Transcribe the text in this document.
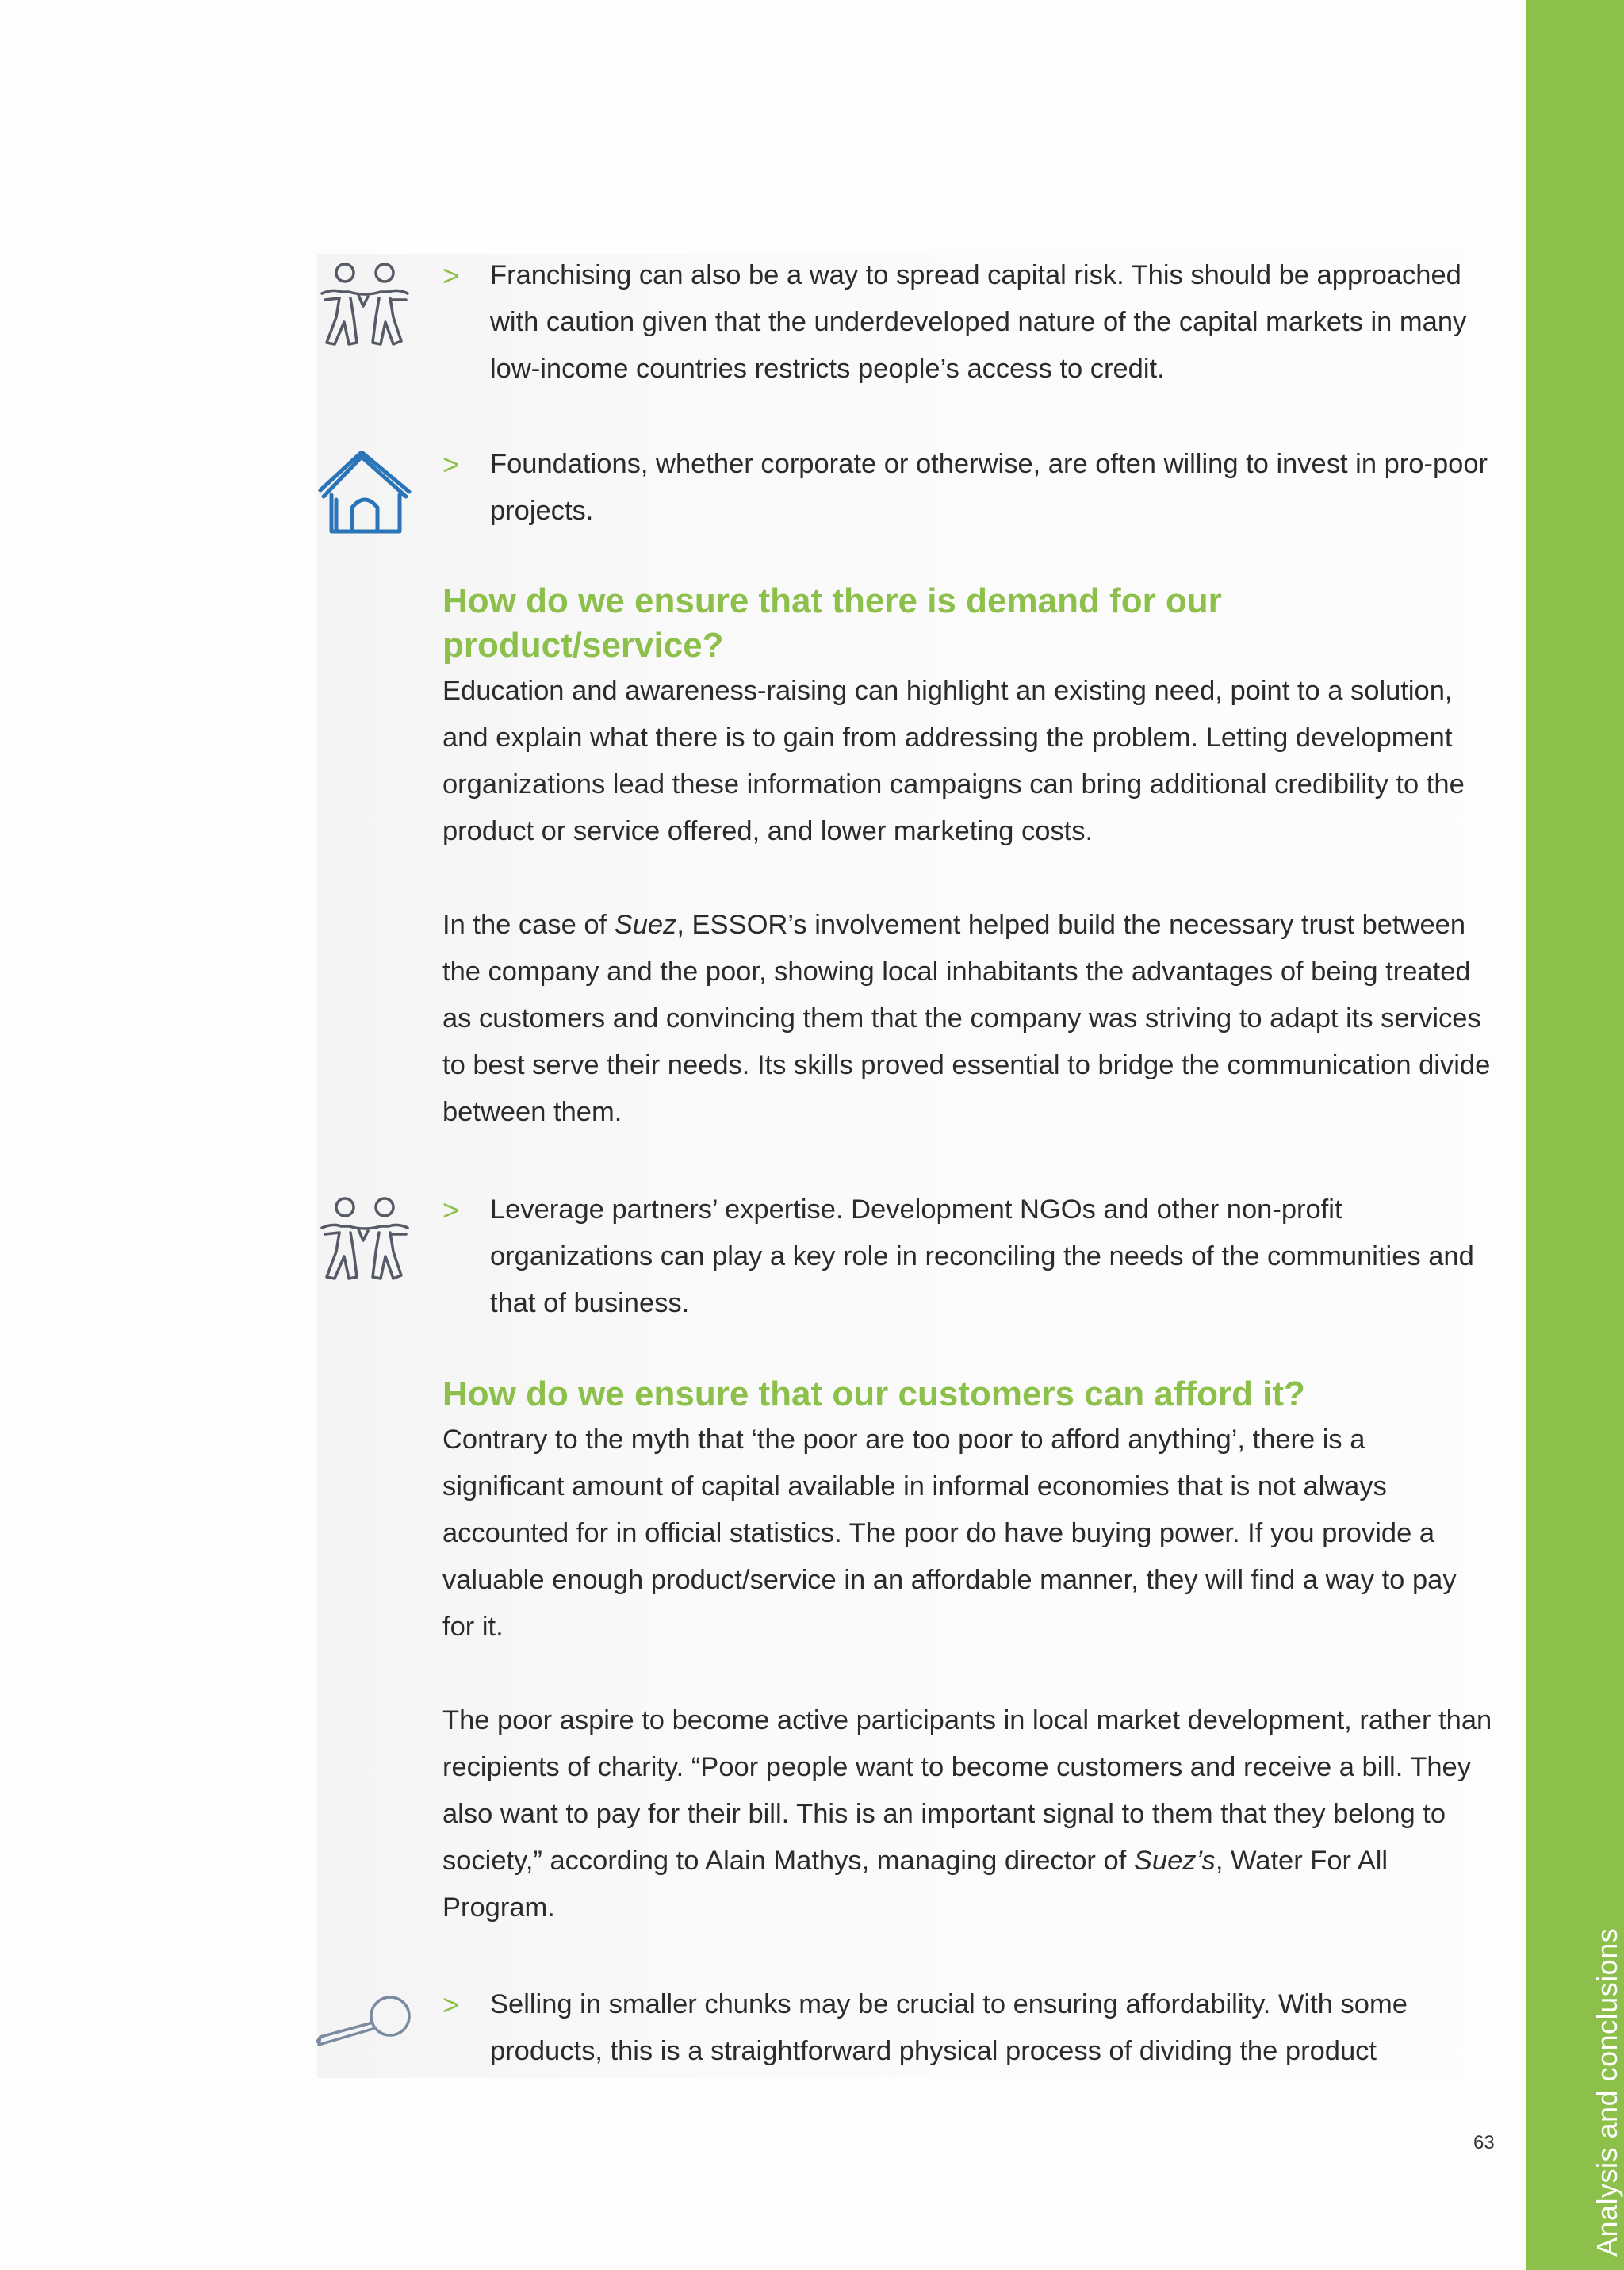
Analysis and conclusions
63
> Franchising can also be a way to spread capital risk. This should be approached with caution given that the underdeveloped nature of the capital markets in many low-income countries restricts people’s access to credit.
> Foundations, whether corporate or otherwise, are often willing to invest in pro-poor projects.
How do we ensure that there is demand for our product/service?

Education and awareness-raising can highlight an existing need, point to a solution, and explain what there is to gain from addressing the problem. Letting development organizations lead these information campaigns can bring additional credibility to the product or service offered, and lower marketing costs.

In the case of Suez, ESSOR’s involvement helped build the necessary trust between the company and the poor, showing local inhabitants the advantages of being treated as customers and convincing them that the company was striving to adapt its services to best serve their needs. Its skills proved essential to bridge the communication divide between them.

> Leverage partners’ expertise. Development NGOs and other non-profit organizations can play a key role in reconciling the needs of the communities and that of business.
How do we ensure that our customers can afford it?

Contrary to the myth that ‘the poor are too poor to afford anything’, there is a significant amount of capital available in informal economies that is not always accounted for in official statistics. The poor do have buying power. If you provide a valuable enough product/service in an affordable manner, they will find a way to pay for it.

The poor aspire to become active participants in local market development, rather than recipients of charity. “Poor people want to become customers and receive a bill. They also want to pay for their bill. This is an important signal to them that they belong to society,” according to Alain Mathys, managing director of Suez’s, Water For All Program.

> Selling in smaller chunks may be crucial to ensuring affordability. With some products, this is a straightforward physical process of dividing the product
